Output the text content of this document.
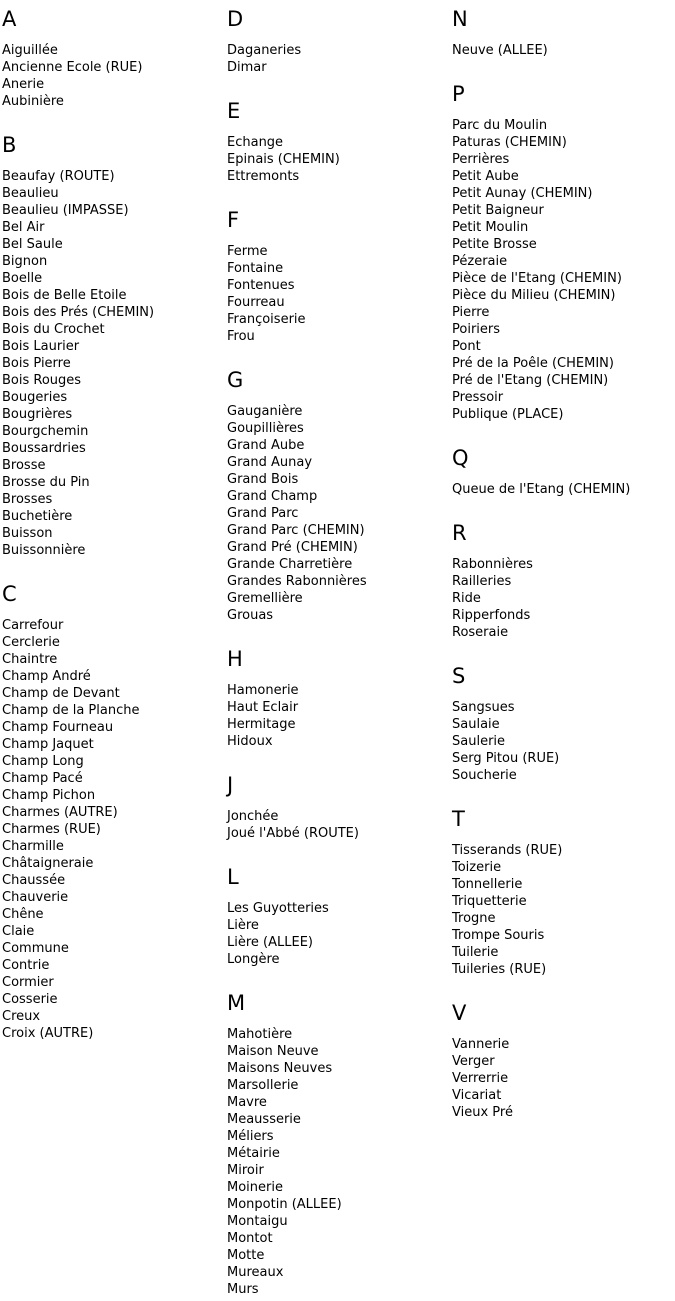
A
Aiguillée
Ancienne Ecole (RUE)
Anerie
Aubinière
B
Beaufay (ROUTE)
Beaulieu
Beaulieu (IMPASSE)
Bel Air
Bel Saule
Bignon
Boelle
Bois de Belle Etoile
Bois des Prés (CHEMIN)
Bois du Crochet
Bois Laurier
Bois Pierre
Bois Rouges
Bougeries
Bougrières
Bourgchemin
Boussardries
Brosse
Brosse du Pin
Brosses
Buchetière
Buisson
Buissonnière
C
Carrefour
Cerclerie
Chaintre
Champ André
Champ de Devant
Champ de la Planche
Champ Fourneau
Champ Jaquet
Champ Long
Champ Pacé
Champ Pichon
Charmes (AUTRE)
Charmes (RUE)
Charmille
Châtaigneraie
Chaussée
Chauverie
Chêne
Claie
Commune
Contrie
Cormier
Cosserie
Creux
Croix (AUTRE)
D
Daganeries
Dimar
E
Echange
Epinais (CHEMIN)
Ettremonts
F
Ferme
Fontaine
Fontenues
Fourreau
Françoiserie
Frou
G
Gauganière
Goupillières
Grand Aube
Grand Aunay
Grand Bois
Grand Champ
Grand Parc
Grand Parc (CHEMIN)
Grand Pré (CHEMIN)
Grande Charretière
Grandes Rabonnières
Gremellière
Grouas
H
Hamonerie
Haut Eclair
Hermitage
Hidoux
J
Jonchée
Joué l'Abbé (ROUTE)
L
Les Guyotteries
Lière
Lière (ALLEE)
Longère
M
Mahotière
Maison Neuve
Maisons Neuves
Marsollerie
Mavre
Meausserie
Méliers
Métairie
Miroir
Moinerie
Monpotin (ALLEE)
Montaigu
Montot
Motte
Mureaux
Murs
N
Neuve (ALLEE)
P
Parc du Moulin
Paturas (CHEMIN)
Perrières
Petit Aube
Petit Aunay (CHEMIN)
Petit Baigneur
Petit Moulin
Petite Brosse
Pézeraie
Pièce de l'Etang (CHEMIN)
Pièce du Milieu (CHEMIN)
Pierre
Poiriers
Pont
Pré de la Poêle (CHEMIN)
Pré de l'Etang (CHEMIN)
Pressoir
Publique (PLACE)
Q
Queue de l'Etang (CHEMIN)
R
Rabonnières
Railleries
Ride
Ripperfonds
Roseraie
S
Sangsues
Saulaie
Saulerie
Serg Pitou (RUE)
Soucherie
T
Tisserands (RUE)
Toizerie
Tonnellerie
Triquetterie
Trogne
Trompe Souris
Tuilerie
Tuileries (RUE)
V
Vannerie
Verger
Verrerrie
Vicariat
Vieux Pré
